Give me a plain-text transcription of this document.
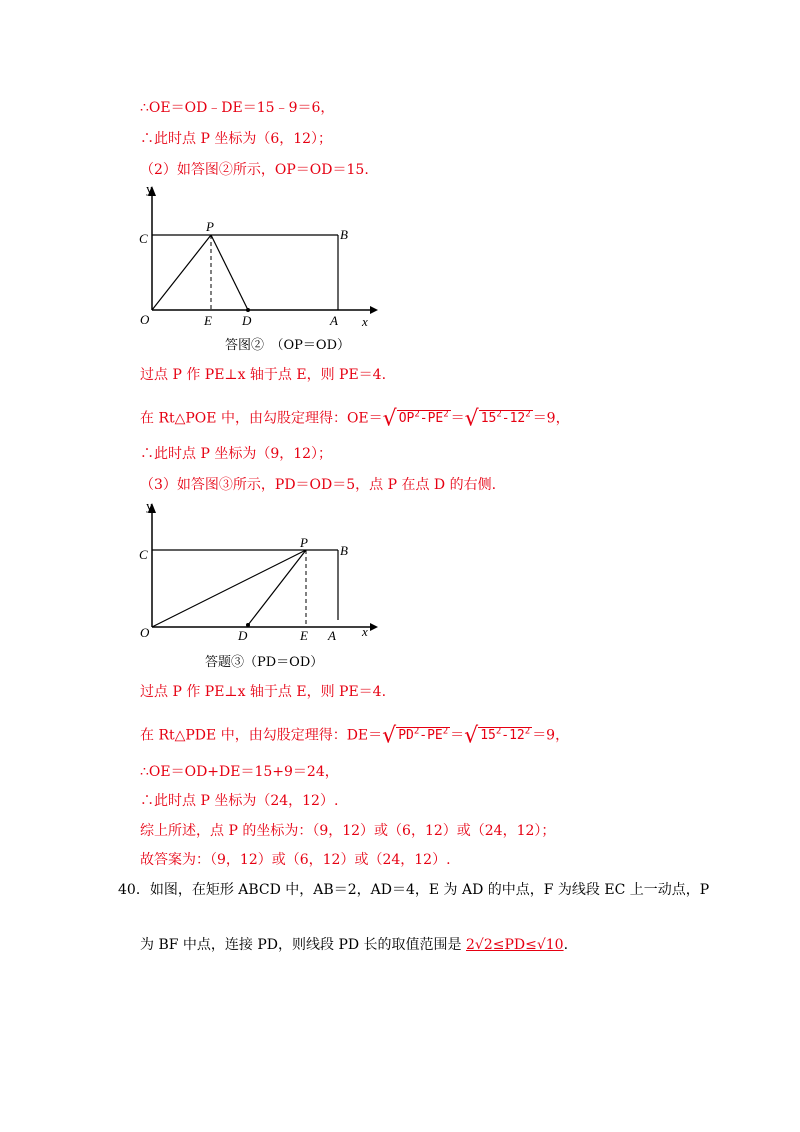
∴OE＝OD﹣DE＝15﹣9＝6，
∴此时点 P 坐标为（6，12）；
（2）如答图②所示，OP＝OD＝15.
y
x
O
C
P
B
E D	A
答图②　（OP＝OD）
过点 P 作 PE⊥x 轴于点 E，则 PE＝4.
在 Rt△POE 中，由勾股定理得：OE＝√ $OP^2-PE^2$ ＝√ $15^2-12^2 =9$，
∴此时点 P 坐标为（9，12）；
（3）如答图③所示，PD＝OD＝5，点 P 在点 D 的右侧.
y
x
O
C
P
B
E
D	A
答题③（PD＝OD）
过点 P 作 PE⊥x 轴于点 E，则 PE＝4.
在 Rt△PDE 中，由勾股定理得：DE＝√ $PD^2-PE^2$ ＝√ $15^2-12^2 =9$，
∴OE＝OD+DE＝15+9＝24，
∴此时点 P 坐标为（24，12）.
综上所述，点 P 的坐标为：（9，12）或（6，12）或（24，12）；
故答案为：（9，12）或（6，12）或（24，12）.
40．如图，在矩形 ABCD 中，AB＝2，AD＝4，E 为 AD 的中点，F 为线段 EC 上一动点，P
为 BF 中点，连接 PD，则线段 PD 长的取值范围是 2√2≤PD≤√10.
